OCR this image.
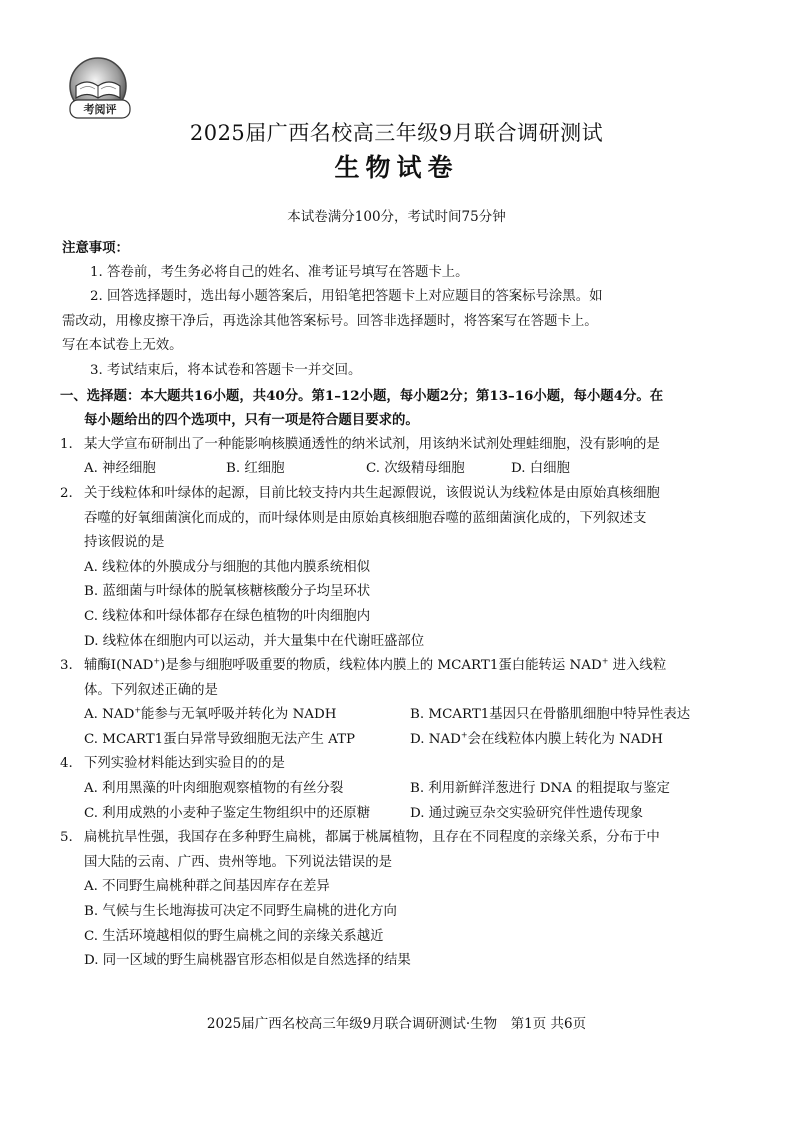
考阅评
2025届广西名校高三年级9月联合调研测试
生物试卷
本试卷满分100分，考试时间75分钟

注意事项：

1. 答卷前，考生务必将自己的姓名、准考证号填写在答题卡上。

2. 回答选择题时，选出每小题答案后，用铅笔把答题卡上对应题目的答案标号涂黑。如

需改动，用橡皮擦干净后，再选涂其他答案标号。回答非选择题时，将答案写在答题卡上。

写在本试卷上无效。

3. 考试结束后，将本试卷和答题卡一并交回。

一、选择题：本大题共16小题，共40分。第1–12小题，每小题2分；第13–16小题，每小题4分。在

每小题给出的四个选项中，只有一项是符合题目要求的。

1. 某大学宣布研制出了一种能影响核膜通透性的纳米试剂，用该纳米试剂处理蛙细胞，没有影响的是

A. 神经细胞	B. 红细胞	C. 次级精母细胞	D. 白细胞
2. 关于线粒体和叶绿体的起源，目前比较支持内共生起源假说，该假说认为线粒体是由原始真核细胞

吞噬的好氧细菌演化而成的，而叶绿体则是由原始真核细胞吞噬的蓝细菌演化成的，下列叙述支

持该假说的是

A. 线粒体的外膜成分与细胞的其他内膜系统相似

B. 蓝细菌与叶绿体的脱氧核糖核酸分子均呈环状

C. 线粒体和叶绿体都存在绿色植物的叶肉细胞内

D. 线粒体在细胞内可以运动，并大量集中在代谢旺盛部位

3. 辅酶Ⅰ(NAD+)是参与细胞呼吸重要的物质，线粒体内膜上的 MCART1蛋白能转运 NAD+ 进入线粒

体。下列叙述正确的是

A. NAD+能参与无氧呼吸并转化为 NADH	B. MCART1基因只在骨骼肌细胞中特异性表达
C. MCART1蛋白异常导致细胞无法产生 ATP	D. NAD+会在线粒体内膜上转化为 NADH
4. 下列实验材料能达到实验目的的是

A. 利用黑藻的叶肉细胞观察植物的有丝分裂	B. 利用新鲜洋葱进行 DNA 的粗提取与鉴定
C. 利用成熟的小麦种子鉴定生物组织中的还原糖	D. 通过豌豆杂交实验研究伴性遗传现象
5. 扁桃抗旱性强，我国存在多种野生扁桃，都属于桃属植物，且存在不同程度的亲缘关系，分布于中

国大陆的云南、广西、贵州等地。下列说法错误的是

A. 不同野生扁桃种群之间基因库存在差异

B. 气候与生长地海拔可决定不同野生扁桃的进化方向

C. 生活环境越相似的野生扁桃之间的亲缘关系越近

D. 同一区域的野生扁桃器官形态相似是自然选择的结果

2025届广西名校高三年级9月联合调研测试·生物　第1页 共6页
